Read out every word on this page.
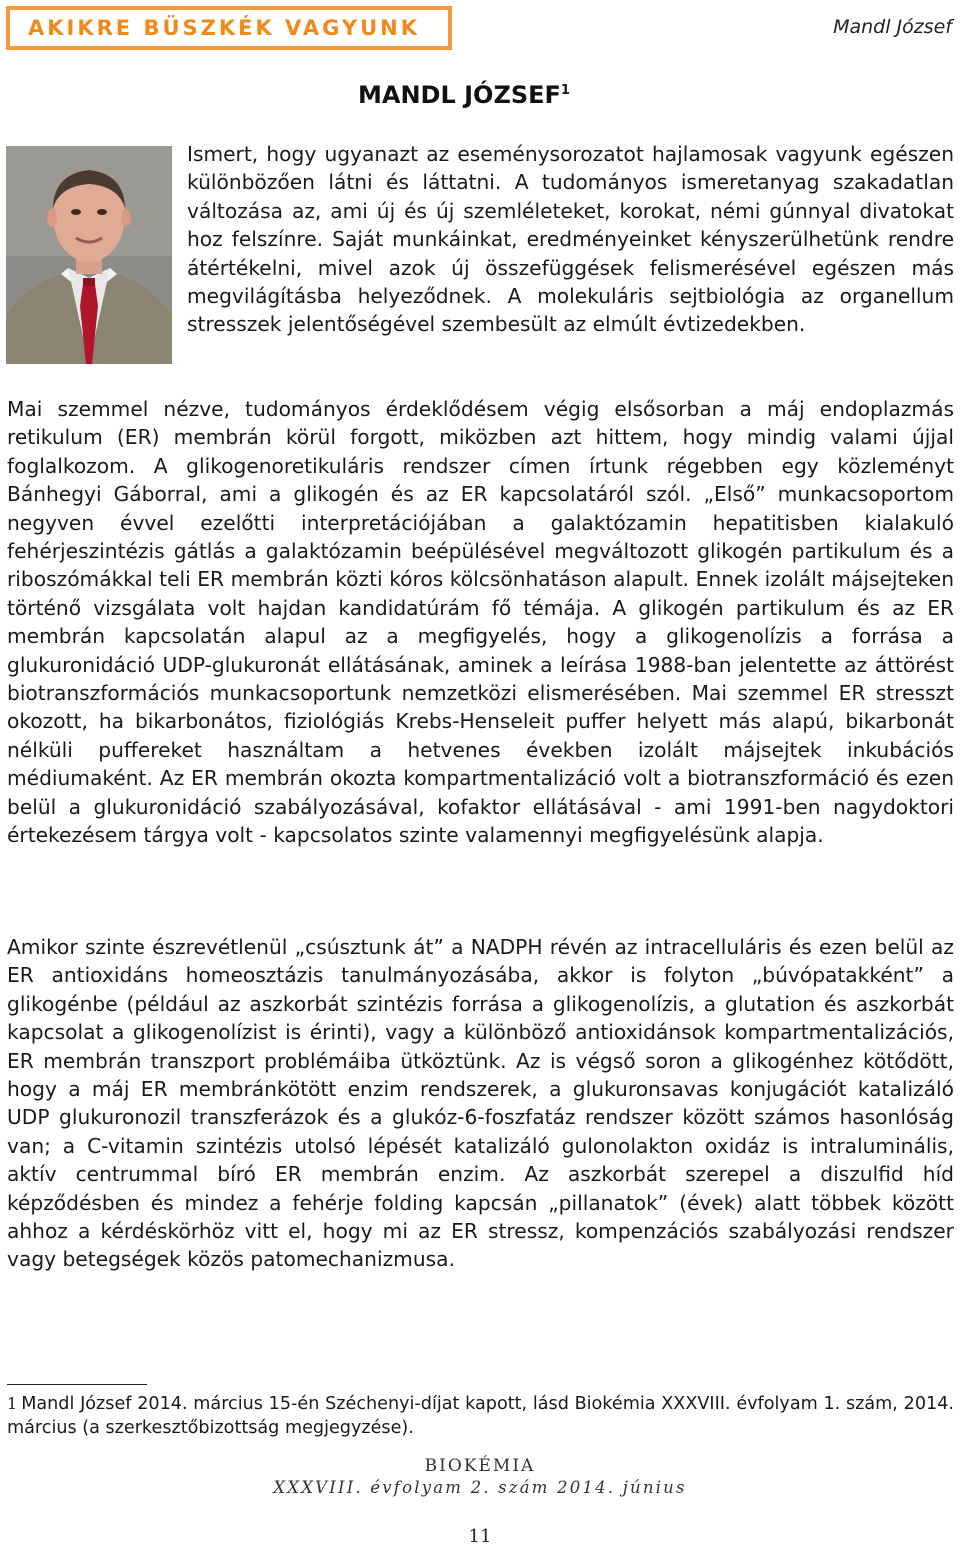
AKIKRE BÜSZKÉK VAGYUNK	Mandl József
MANDL JÓZSEF$^1$
Ismert, hogy ugyanazt az eseménysorozatot hajlamosak vagyunk egészen különbözően látni és láttatni. A tudományos ismeretanyag szakadatlan változása az, ami új és új szemléleteket, korokat, némi gúnnyal divatokat hoz felszínre. Saját munkáinkat, eredményeinket kényszerülhetünk rendre átértékelni, mivel azok új összefüggések felismerésével egészen más megvilágításba helyeződnek. A molekuláris sejtbiológia az organellum stresszek jelentőségével szembesült az elmúlt évtizedekben.
Mai szemmel nézve, tudományos érdeklődésem végig elsősorban a máj endoplazmás retikulum (ER) membrán körül forgott, miközben azt hittem, hogy mindig valami újjal foglalkozom. A glikogenoretikuláris rendszer címen írtunk régebben egy közleményt Bánhegyi Gáborral, ami a glikogén és az ER kapcsolatáról szól. „Első” munkacsoportom negyven évvel ezelőtti interpretációjában a galaktózamin hepatitisben kialakuló fehérjeszintézis gátlás a galaktózamin beépülésével megváltozott glikogén partikulum és a riboszómákkal teli ER membrán közti kóros kölcsönhatáson alapult. Ennek izolált májsejteken történő vizsgálata volt hajdan kandidatúrám fő témája. A glikogén partikulum és az ER membrán kapcsolatán alapul az a megfigyelés, hogy a glikogenolízis a forrása a glukuronidáció UDP-glukuronát ellátásának, aminek a leírása 1988-ban jelentette az áttörést biotranszformációs munkacsoportunk nemzetközi elismerésében. Mai szemmel ER stresszt okozott, ha bikarbonátos, fiziológiás Krebs-Henseleit puffer helyett más alapú, bikarbonát nélküli puffereket használtam a hetvenes években izolált májsejtek inkubációs médiumaként. Az ER membrán okozta kompartmentalizáció volt a biotranszformáció és ezen belül a glukuronidáció szabályozásával, kofaktor ellátásával - ami 1991-ben nagydoktori értekezésem tárgya volt - kapcsolatos szinte valamennyi megfigyelésünk alapja.
Amikor szinte észrevétlenül „csúsztunk át” a NADPH révén az intracelluláris és ezen belül az ER antioxidáns homeosztázis tanulmányozásába, akkor is folyton „búvópatakként” a glikogénbe (például az aszkorbát szintézis forrása a glikogenolízis, a glutation és aszkorbát kapcsolat a glikogenolízist is érinti), vagy a különböző antioxidánsok kompartmentalizációs, ER membrán transzport problémáiba ütköztünk. Az is végső soron a glikogénhez kötődött, hogy a máj ER membránkötött enzim rendszerek, a glukuronsavas konjugációt katalizáló UDP glukuronozil transzferázok és a glukóz-6-foszfatáz rendszer között számos hasonlóság van; a C-vitamin szintézis utolsó lépését katalizáló gulonolakton oxidáz is intraluminális, aktív centrummal bíró ER membrán enzim. Az aszkorbát szerepel a diszulfid híd képződésben és mindez a fehérje folding kapcsán „pillanatok” (évek) alatt többek között ahhoz a kérdéskörhöz vitt el, hogy mi az ER stressz, kompenzációs szabályozási rendszer vagy betegségek közös patomechanizmusa.
1 Mandl József 2014. március 15-én Széchenyi-díjat kapott, lásd Biokémia XXXVIII. évfolyam 1. szám, 2014. március (a szerkesztőbizottság megjegyzése).
BIOKÉMIA
XXXVIII. évfolyam 2. szám 2014. június
11
